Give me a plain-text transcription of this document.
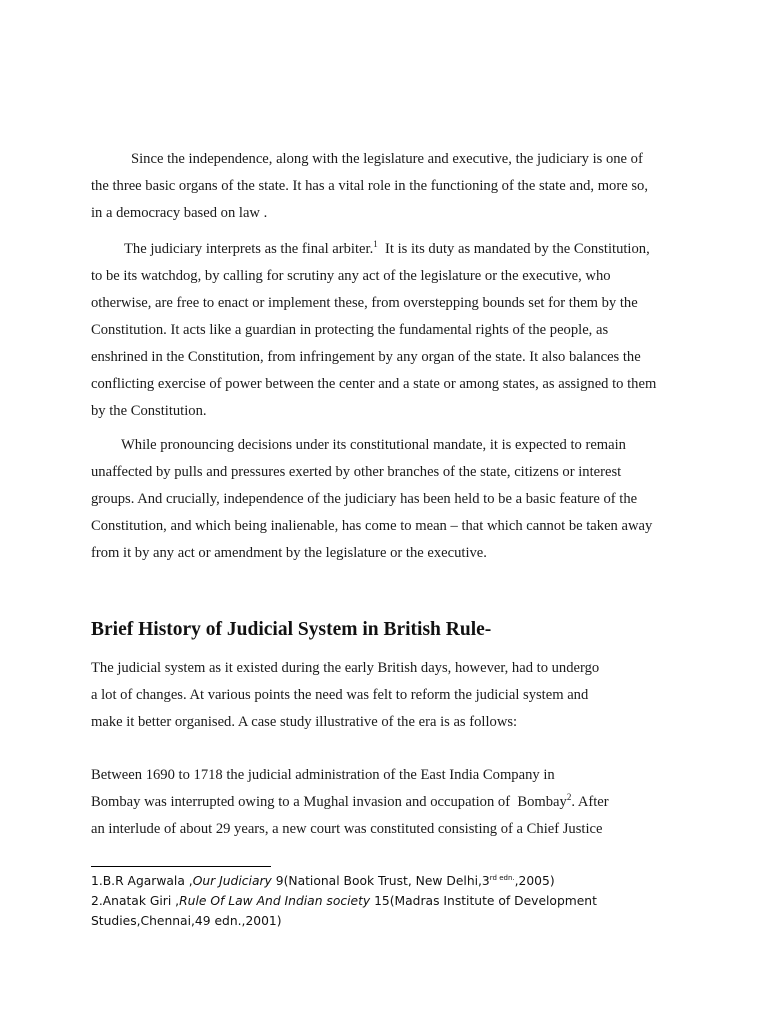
Since the independence, along with the legislature and executive, the judiciary is one of
the three basic organs of the state. It has a vital role in the functioning of the state and, more so,
in a democracy based on law .
The judiciary interprets as the final arbiter.$^1$  It is its duty as mandated by the Constitution,
to be its watchdog, by calling for scrutiny any act of the legislature or the executive, who
otherwise, are free to enact or implement these, from overstepping bounds set for them by the
Constitution. It acts like a guardian in protecting the fundamental rights of the people, as
enshrined in the Constitution, from infringement by any organ of the state. It also balances the
conflicting exercise of power between the center and a state or among states, as assigned to them
by the Constitution.
While pronouncing decisions under its constitutional mandate, it is expected to remain
unaffected by pulls and pressures exerted by other branches of the state, citizens or interest
groups. And crucially, independence of the judiciary has been held to be a basic feature of the
Constitution, and which being inalienable, has come to mean – that which cannot be taken away
from it by any act or amendment by the legislature or the executive.
Brief History of Judicial System in British Rule-
The judicial system as it existed during the early British days, however, had to undergo
a lot of changes. At various points the need was felt to reform the judicial system and
make it better organised. A case study illustrative of the era is as follows:
Between 1690 to 1718 the judicial administration of the East India Company in
Bombay was interrupted owing to a Mughal invasion and occupation of  Bombay$^2$. After
an interlude of about 29 years, a new court was constituted consisting of a Chief Justice
1.B.R Agarwala ,Our Judiciary 9(National Book Trust, New $Delhi,3^{rd edn.},2005$)
2.Anatak Giri ,Rule Of Law And Indian society 15(Madras Institute of Development
Studies,Chennai,49 edn.,2001)
